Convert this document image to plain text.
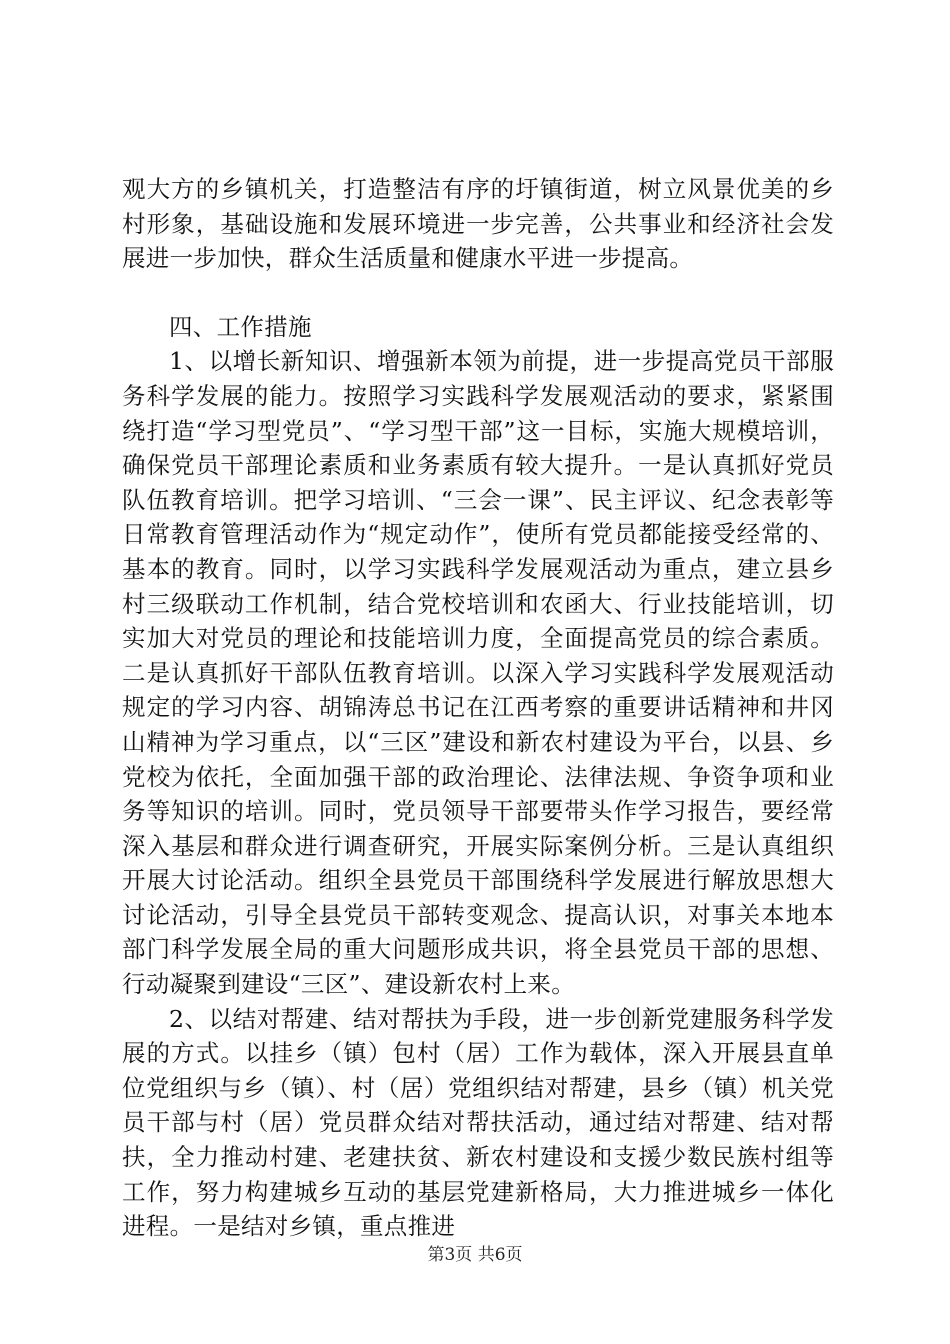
观大方的乡镇机关，打造整洁有序的圩镇街道，树立风景优美的乡村形象，基础设施和发展环境进一步完善，公共事业和经济社会发展进一步加快，群众生活质量和健康水平进一步提高。

四、工作措施

1、以增长新知识、增强新本领为前提，进一步提高党员干部服务科学发展的能力。按照学习实践科学发展观活动的要求，紧紧围绕打造“学习型党员”、“学习型干部”这一目标，实施大规模培训，确保党员干部理论素质和业务素质有较大提升。一是认真抓好党员队伍教育培训。把学习培训、“三会一课”、民主评议、纪念表彰等日常教育管理活动作为“规定动作”，使所有党员都能接受经常的、基本的教育。同时，以学习实践科学发展观活动为重点，建立县乡村三级联动工作机制，结合党校培训和农函大、行业技能培训，切实加大对党员的理论和技能培训力度，全面提高党员的综合素质。二是认真抓好干部队伍教育培训。以深入学习实践科学发展观活动规定的学习内容、胡锦涛总书记在江西考察的重要讲话精神和井冈山精神为学习重点，以“三区”建设和新农村建设为平台，以县、乡党校为依托，全面加强干部的政治理论、法律法规、争资争项和业务等知识的培训。同时，党员领导干部要带头作学习报告，要经常深入基层和群众进行调查研究，开展实际案例分析。三是认真组织开展大讨论活动。组织全县党员干部围绕科学发展进行解放思想大讨论活动，引导全县党员干部转变观念、提高认识，对事关本地本部门科学发展全局的重大问题形成共识，将全县党员干部的思想、行动凝聚到建设“三区”、建设新农村上来。

2、以结对帮建、结对帮扶为手段，进一步创新党建服务科学发展的方式。以挂乡（镇）包村（居）工作为载体，深入开展县直单位党组织与乡（镇）、村（居）党组织结对帮建，县乡（镇）机关党员干部与村（居）党员群众结对帮扶活动，通过结对帮建、结对帮扶，全力推动村建、老建扶贫、新农村建设和支援少数民族村组等工作，努力构建城乡互动的基层党建新格局，大力推进城乡一体化进程。一是结对乡镇，重点推进

第3页 共6页
